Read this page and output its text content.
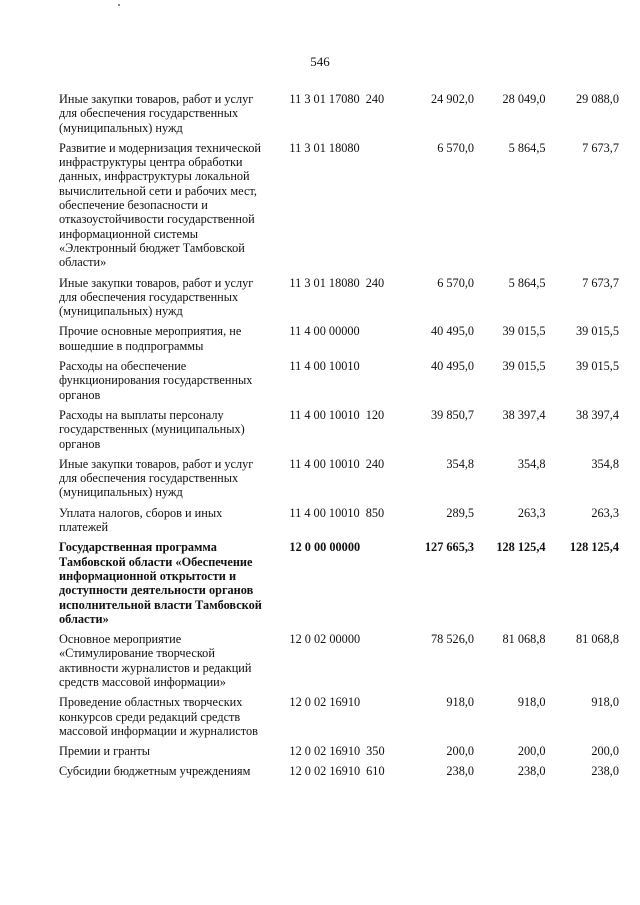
546
Иные закупки товаров, работ и услуг
для обеспечения государственных
(муниципальных) нужд
11 3 01 17080 240	24 902,0	28 049,0	29 088,0
Развитие и модернизация технической
инфраструктуры центра обработки
данных, инфраструктуры локальной
вычислительной сети и рабочих мест,
обеспечение безопасности и
отказоустойчивости государственной
информационной системы
«Электронный бюджет Тамбовской
области»
11 3 01 18080	6 570,0	5 864,5	7 673,7
Иные закупки товаров, работ и услуг
для обеспечения государственных
(муниципальных) нужд
11 3 01 18080 240	6 570,0	5 864,5	7 673,7
Прочие основные мероприятия, не
вошедшие в подпрограммы
11 4 00 00000	40 495,0	39 015,5	39 015,5
Расходы на обеспечение
функционирования государственных
органов
11 4 00 10010	40 495,0	39 015,5	39 015,5
Расходы на выплаты персоналу
государственных (муниципальных)
органов
11 4 00 10010 120	39 850,7	38 397,4	38 397,4
Иные закупки товаров, работ и услуг
для обеспечения государственных
(муниципальных) нужд
11 4 00 10010 240	354,8	354,8	354,8
Уплата налогов, сборов и иных
платежей
11 4 00 10010 850	289,5	263,3	263,3
Государственная программа
Тамбовской области «Обеспечение
информационной открытости и
доступности деятельности органов
исполнительной власти Тамбовской
области»
12 0 00 00000	127 665,3	128 125,4	128 125,4
Основное мероприятие
«Стимулирование творческой
активности журналистов и редакций
средств массовой информации»
12 0 02 00000	78 526,0	81 068,8	81 068,8
Проведение областных творческих
конкурсов среди редакций средств
массовой информации и журналистов
12 0 02 16910	918,0	918,0	918,0
Премии и гранты	12 0 02 16910 350	200,0	200,0	200,0
Субсидии бюджетным учреждениям	12 0 02 16910 610	238,0	238,0	238,0
